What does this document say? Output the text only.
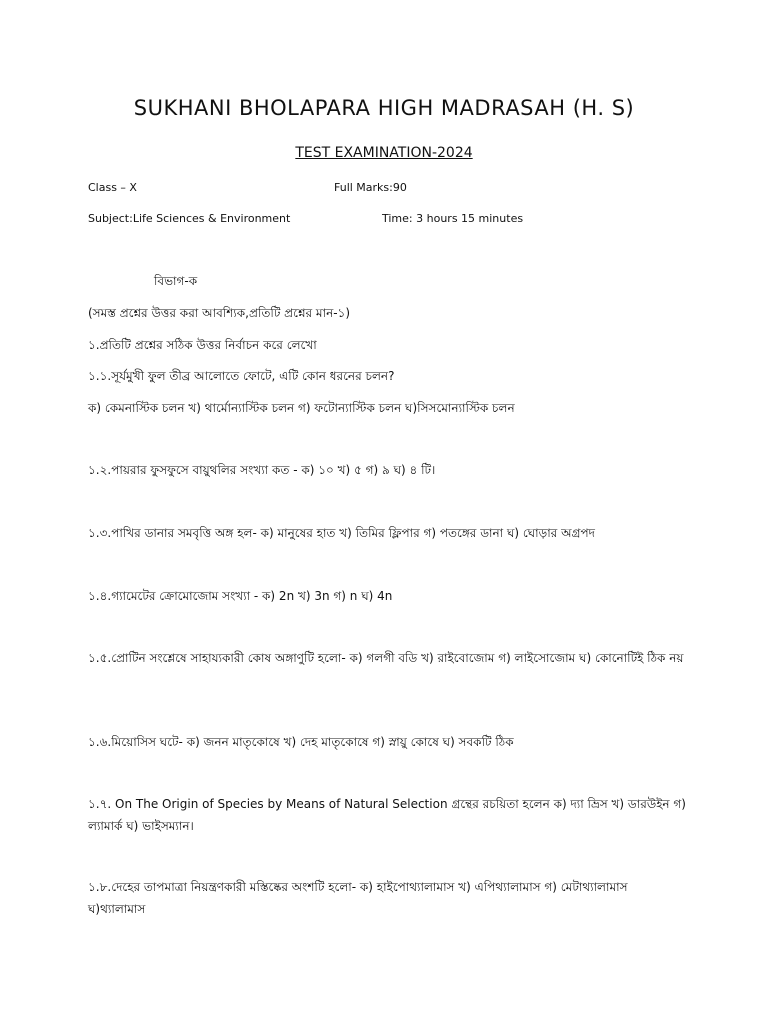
SUKHANI BHOLAPARA HIGH MADRASAH (H. S)
TEST EXAMINATION-2024
Class – X	Full Marks:90
Subject:Life Sciences & Environment	Time: 3 hours 15 minutes
বিভাগ-ক
(সমস্ত প্রশ্নের উত্তর করা আবশ্যিক,প্রতিটি প্রশ্নের মান-১)
১.প্রতিটি প্রশ্নের সঠিক উত্তর নির্বাচন করে লেখো
১.১.সূর্যমুখী ফুল তীব্র আলোতে ফোটে, এটি কোন ধরনের চলন?
ক) কেমনাস্টিক চলন খ) থার্মোন্যাস্টিক চলন গ) ফটোন্যাস্টিক চলন ঘ)সিসমোন্যাস্টিক চলন
১.২.পায়রার ফুসফুসে বায়ুথলির সংখ্যা কত - ক) ১০ খ) ৫ গ) ৯ ঘ) ৪ টি।
১.৩.পাখির ডানার সমবৃত্তি অঙ্গ হল- ক) মানুষের হাত খ) তিমির ফ্লিপার গ) পতঙ্গের ডানা ঘ) ঘোড়ার অগ্রপদ
১.৪.গ্যামেটের ক্রোমোজোম সংখ্যা - ক) 2n খ) 3n গ) n ঘ) 4n
১.৫.প্রোটিন সংশ্লেষে সাহায্যকারী কোষ অঙ্গাণুটি হলো- ক) গলগী বডি খ) রাইবোজোম গ) লাইসোজোম ঘ) কোনোটিই ঠিক নয়
১.৬.মিয়োসিস ঘটে- ক) জনন মাতৃকোষে খ) দেহ মাতৃকোষে গ) স্নায়ু কোষে ঘ) সবকটি ঠিক
১.৭. On The Origin of Species by Means of Natural Selection গ্রন্থের রচয়িতা হলেন ক) দ্যা ভ্রিস খ) ডারউইন গ) ল্যামার্ক ঘ) ভাইসম্যান।
১.৮.দেহের তাপমাত্রা নিয়ন্ত্রণকারী মস্তিষ্কের অংশটি হলো- ক) হাইপোথ্যালামাস খ) এপিথ্যালামাস গ) মেটাথ্যালামাস ঘ)থ্যালামাস
